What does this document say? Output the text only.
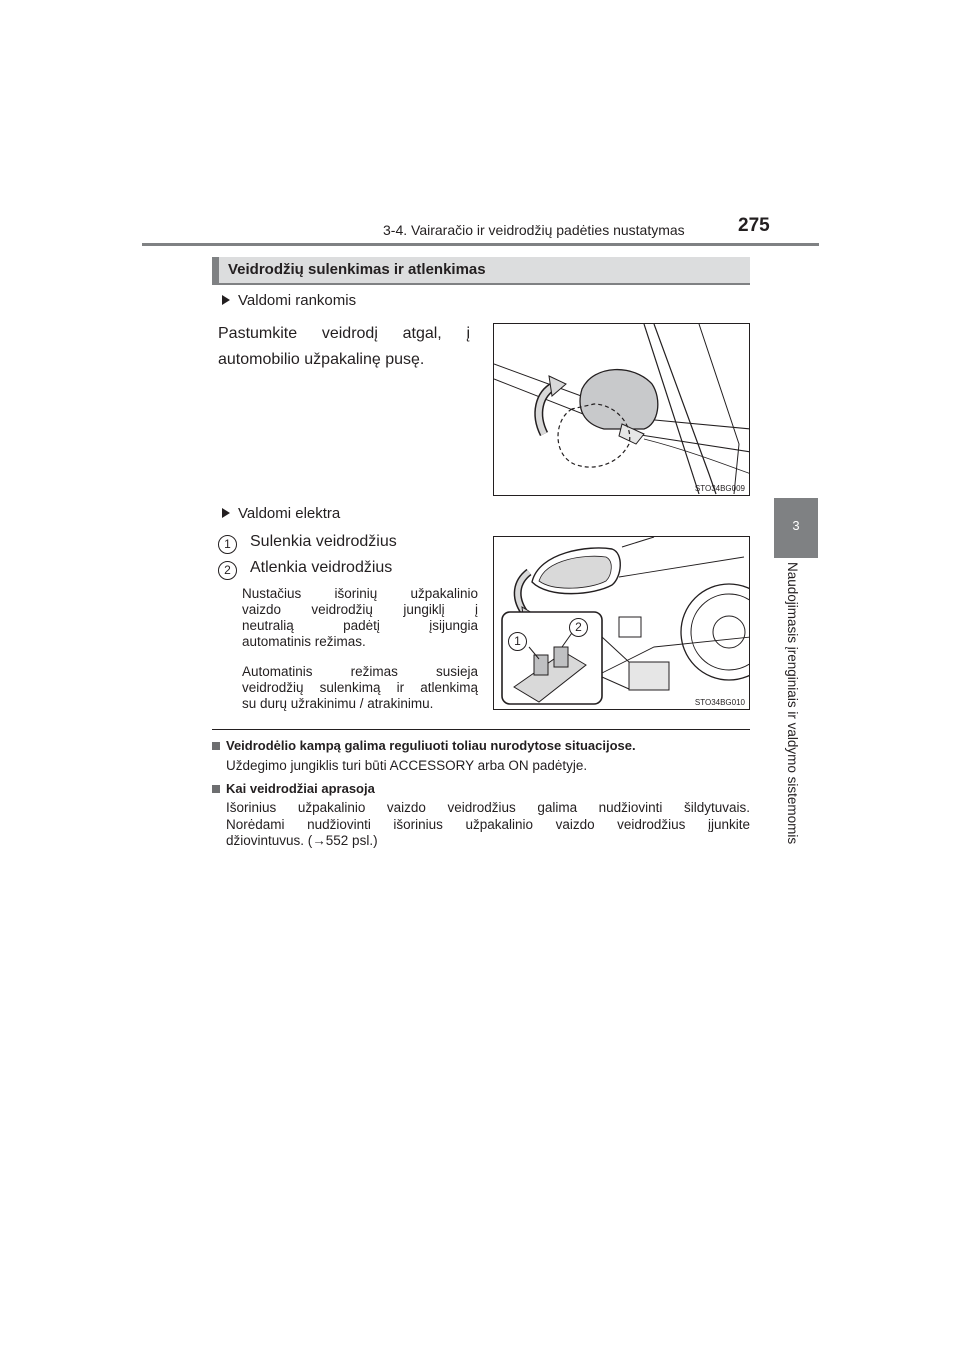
3-4. Vairaračio ir veidrodžių padėties nustatymas	275
3
Naudojimasis įrenginiais ir valdymo sistemomis
Veidrodžių sulenkimas ir atlenkimas
Valdomi rankomis
Pastumkite veidrodį atgal, į
automobilio užpakalinę pusę.
STO34BG009
Valdomi elektra
1	Sulenkia veidrodžius
2	Atlenkia veidrodžius
Nustačius išorinių užpakalinio
vaizdo veidrodžių jungiklį į
neutralią padėtį įsijungia
automatinis režimas.
Automatinis režimas susieja
veidrodžių sulenkimą ir atlenkimą
su durų užrakinimu / atrakinimu.
1
2
STO34BG010
Veidrodėlio kampą galima reguliuoti toliau nurodytose situacijose.
Uždegimo jungiklis turi būti ACCESSORY arba ON padėtyje.
Kai veidrodžiai aprasoja
Išorinius užpakalinio vaizdo veidrodžius galima nudžiovinti šildytuvais.
Norėdami nudžiovinti išorinius užpakalinio vaizdo veidrodžius įjunkite
džiovintuvus. (→552 psl.)
